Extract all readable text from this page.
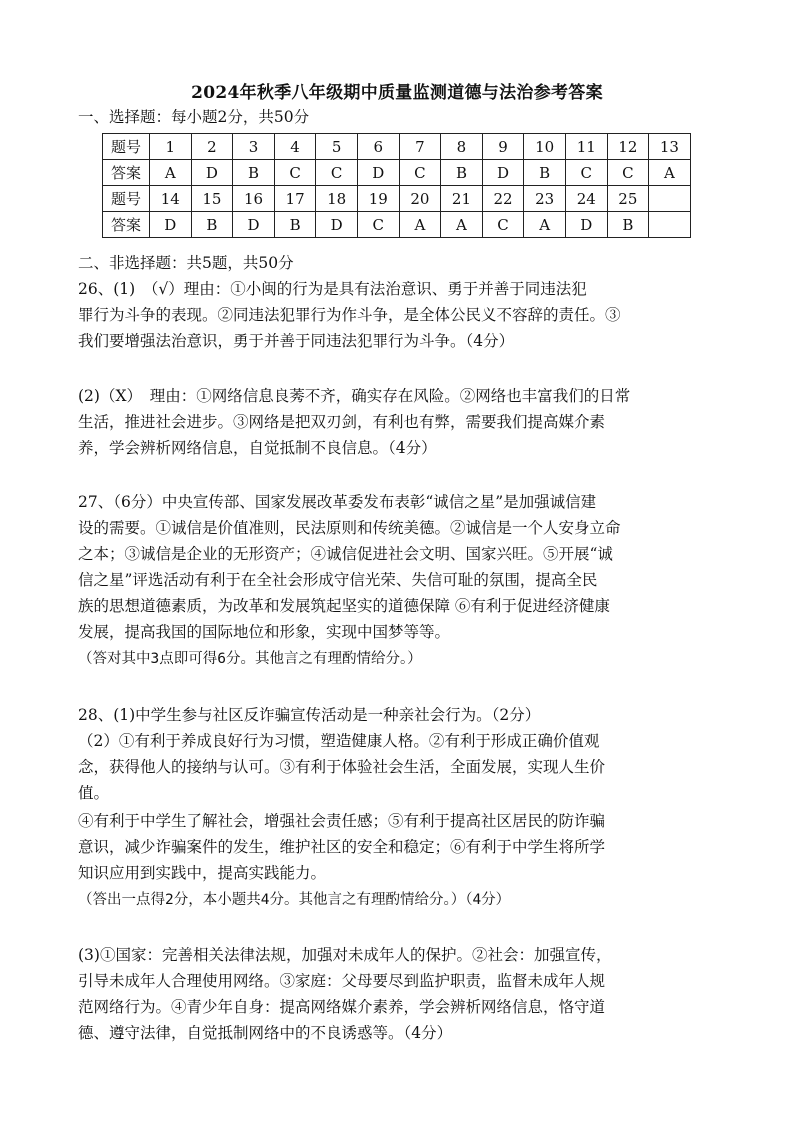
2024年秋季八年级期中质量监测道德与法治参考答案
一、选择题：每小题2分，共50分
题号	1	2	3	4	5	6	7	8	9	10	11	12	13
答案	A	D	B	C	C	D	C	B	D	B	C	C	A
题号	14	15	16	17	18	19	20	21	22	23	24	25	
答案	D	B	D	B	D	C	A	A	C	A	D	B	
二、非选择题：共5题，共50分
26、(1)　（√）理由：①小闽的行为是具有法治意识、勇于并善于同违法犯
罪行为斗争的表现。②同违法犯罪行为作斗争，是全体公民义不容辞的责任。③
我们要增强法治意识，勇于并善于同违法犯罪行为斗争。（4分）
(2)（X）　理由：①网络信息良莠不齐，确实存在风险。②网络也丰富我们的日常
生活，推进社会进步。③网络是把双刃剑，有利也有弊，需要我们提高媒介素
养，学会辨析网络信息，自觉抵制不良信息。（4分）
27、（6分）中央宣传部、国家发展改革委发布表彰“诚信之星”是加强诚信建
设的需要。①诚信是价值准则，民法原则和传统美德。②诚信是一个人安身立命
之本；③诚信是企业的无形资产；④诚信促进社会文明、国家兴旺。⑤开展“诚
信之星”评选活动有利于在全社会形成守信光荣、失信可耻的氛围，提高全民
族的思想道德素质，为改革和发展筑起坚实的道德保障 ⑥有利于促进经济健康
发展，提高我国的国际地位和形象，实现中国梦等等。
（答对其中3点即可得6分。其他言之有理酌情给分。）
28、(1)中学生参与社区反诈骗宣传活动是一种亲社会行为。（2分）
（2）①有利于养成良好行为习惯，塑造健康人格。②有利于形成正确价值观
念，获得他人的接纳与认可。③有利于体验社会生活，全面发展，实现人生价
值。
④有利于中学生了解社会，增强社会责任感；⑤有利于提高社区居民的防诈骗
意识，减少诈骗案件的发生，维护社区的安全和稳定；⑥有利于中学生将所学
知识应用到实践中，提高实践能力。
（答出一点得2分，本小题共4分。其他言之有理酌情给分。）（4分）
(3)①国家：完善相关法律法规，加强对未成年人的保护。②社会：加强宣传，
引导未成年人合理使用网络。③家庭：父母要尽到监护职责，监督未成年人规
范网络行为。④青少年自身：提高网络媒介素养，学会辨析网络信息，恪守道
德、遵守法律，自觉抵制网络中的不良诱惑等。（4分）
